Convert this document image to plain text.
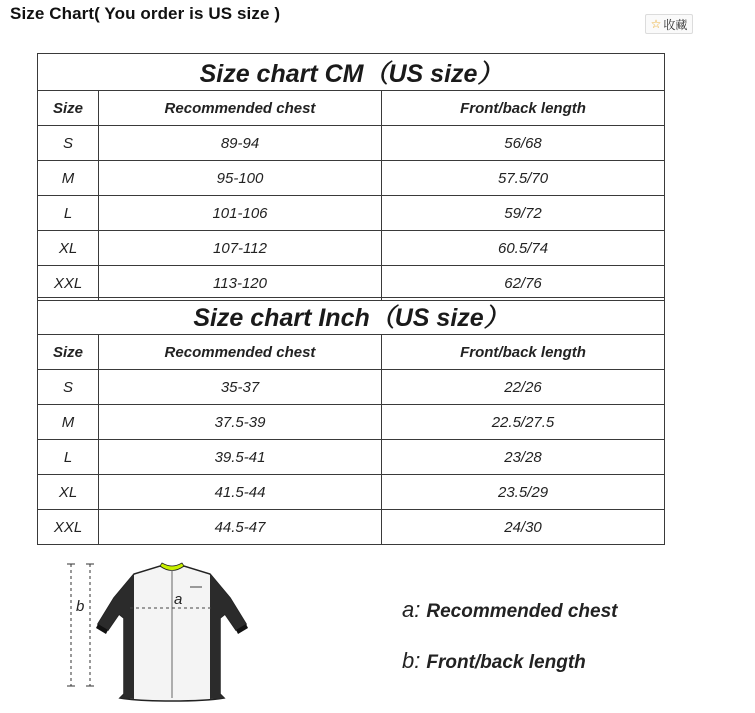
Size Chart( You order is US size )
☆ 收藏
Size chart CM（US size）		
Size	Recommended chest	Front/back length
S	89-94	56/68
M	95-100	57.5/70
L	101-106	59/72
XL	107-112	60.5/74
XXL	113-120	62/76
Size chart Inch（US size）		
Size	Recommended chest	Front/back length
S	35-37	22/26
M	37.5-39	22.5/27.5
L	39.5-41	23/28
XL	41.5-44	23.5/29
XXL	44.5-47	24/30
b	a	a: Recommended chest
b: Front/back length
